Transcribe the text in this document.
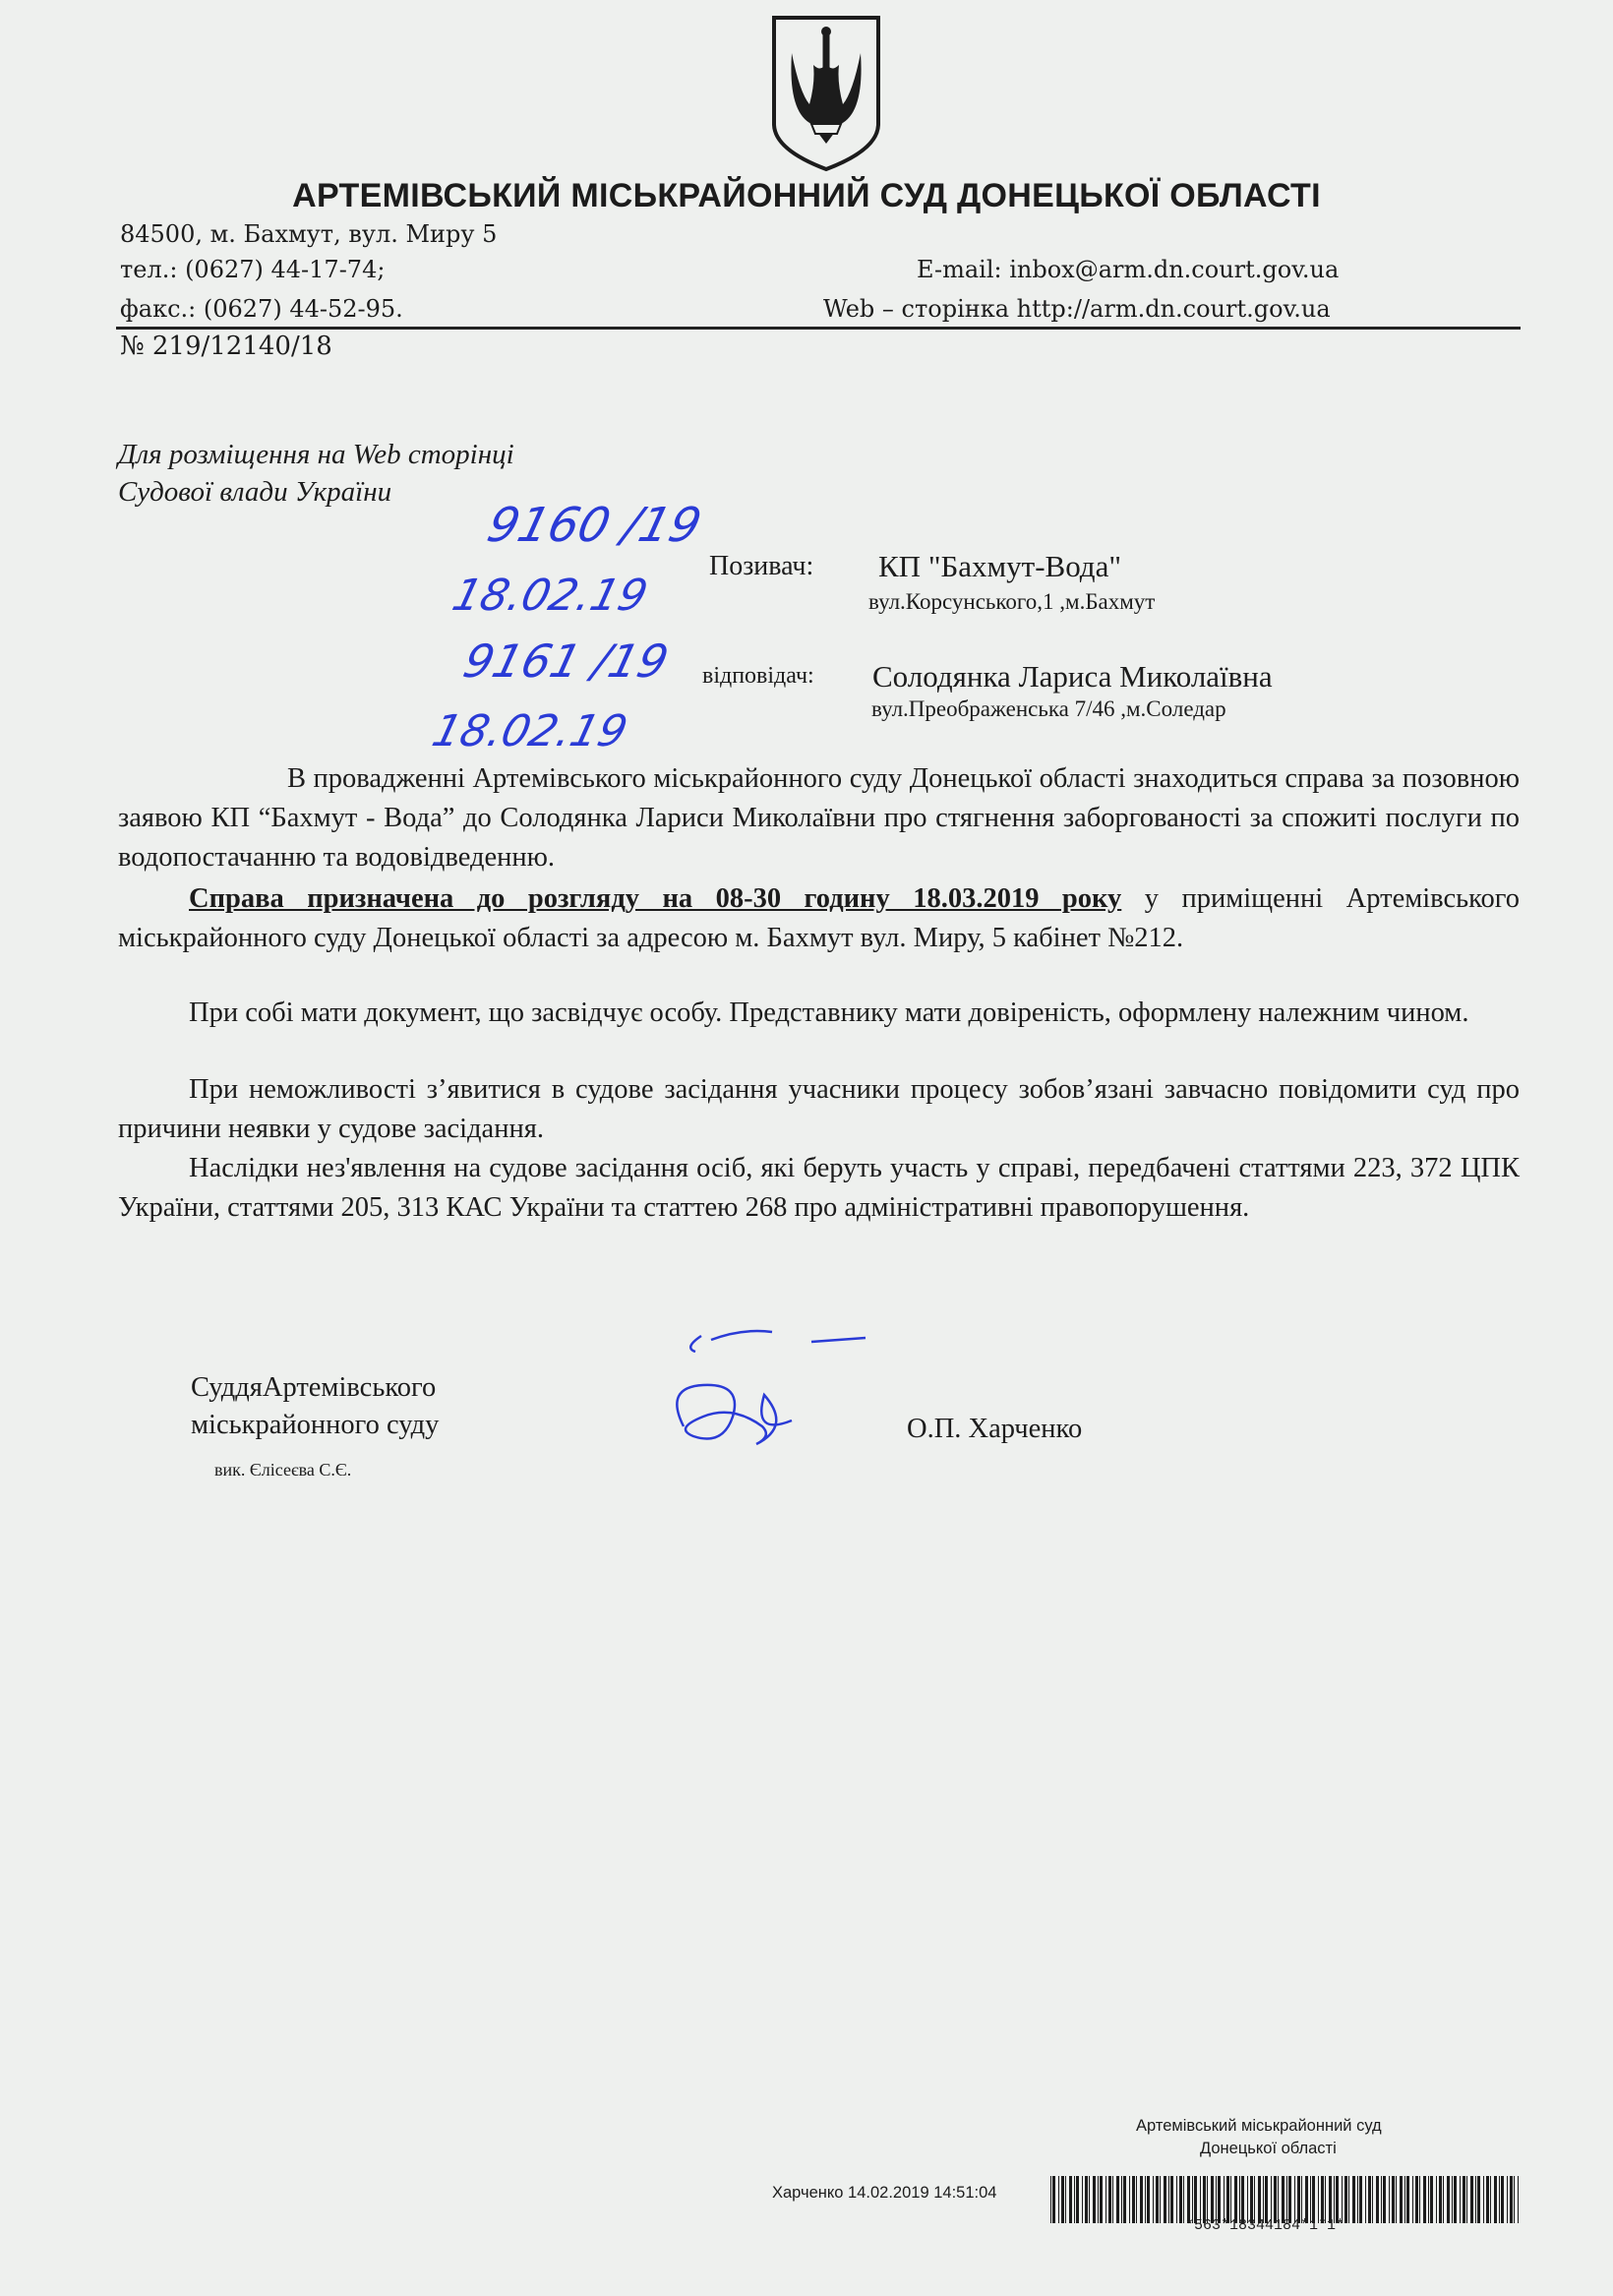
АРТЕМІВСЬКИЙ МІСЬКРАЙОННИЙ СУД ДОНЕЦЬКОЇ ОБЛАСТІ
84500, м. Бахмут, вул. Миру 5
тел.: (0627) 44-17-74;
факс.: (0627) 44-52-95.
E-mail: inbox@arm.dn.court.gov.ua
Web – сторінка http://arm.dn.court.gov.ua
№ 219/12140/18
Для розміщення на Web сторінці
Судової влади України
9160 /19
18.02.19
9161 /19
18.02.19
Позивач: КП "Бахмут-Вода"
вул.Корсунського,1 ,м.Бахмут
відповідач: Солодянка Лариса Миколаївна
вул.Преображенська 7/46 ,м.Соледар
В провадженні Артемівського міськрайонного суду Донецької області знаходиться справа за позовною заявою КП “Бахмут - Вода” до Солодянка Лариси Миколаївни про стягнення заборгованості за спожиті послуги по водопостачанню та водовідведенню.
Справа призначена до розгляду на 08-30 годину 18.03.2019 року у приміщенні Артемівського міськрайонного суду Донецької області за адресою м. Бахмут вул. Миру, 5 кабінет №212.
При собі мати документ, що засвідчує особу. Представнику мати довіреність, оформлену належним чином.
При неможливості з’явитися в судове засідання учасники процесу зобов’язані завчасно повідомити суд про причини неявки у судове засідання.
Наслідки нез'явлення на судове засідання осіб, які беруть участь у справі, передбачені статтями 223, 372 ЦПК України, статтями 205, 313 КАС України та статтею 268 про адміністративні правопорушення.
СуддяАртемівського
міськрайонного суду
вик. Єлісеєва С.Є.
О.П. Харченко
Артемівський міськрайонний суд
Донецької області
Харченко 14.02.2019 14:51:04
*563*18344184*1*1*
